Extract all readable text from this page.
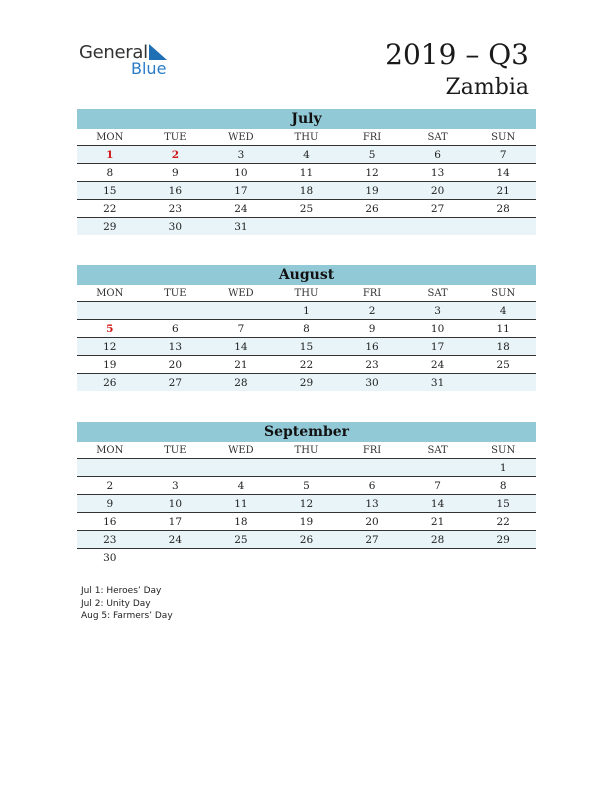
General
Blue	2019 – Q3
Zambia
July
MON	TUE	WED	THU	FRI	SAT	SUN
1	2	3	4	5	6	7
8	9	10	11	12	13	14
15	16	17	18	19	20	21
22	23	24	25	26	27	28
29	30	31				
August
MON	TUE	WED	THU	FRI	SAT	SUN
			1	2	3	4
5	6	7	8	9	10	11
12	13	14	15	16	17	18
19	20	21	22	23	24	25
26	27	28	29	30	31	
September
MON	TUE	WED	THU	FRI	SAT	SUN
						1
2	3	4	5	6	7	8
9	10	11	12	13	14	15
16	17	18	19	20	21	22
23	24	25	26	27	28	29
30						
Jul 1: Heroes’ Day
Jul 2: Unity Day
Aug 5: Farmers’ Day
